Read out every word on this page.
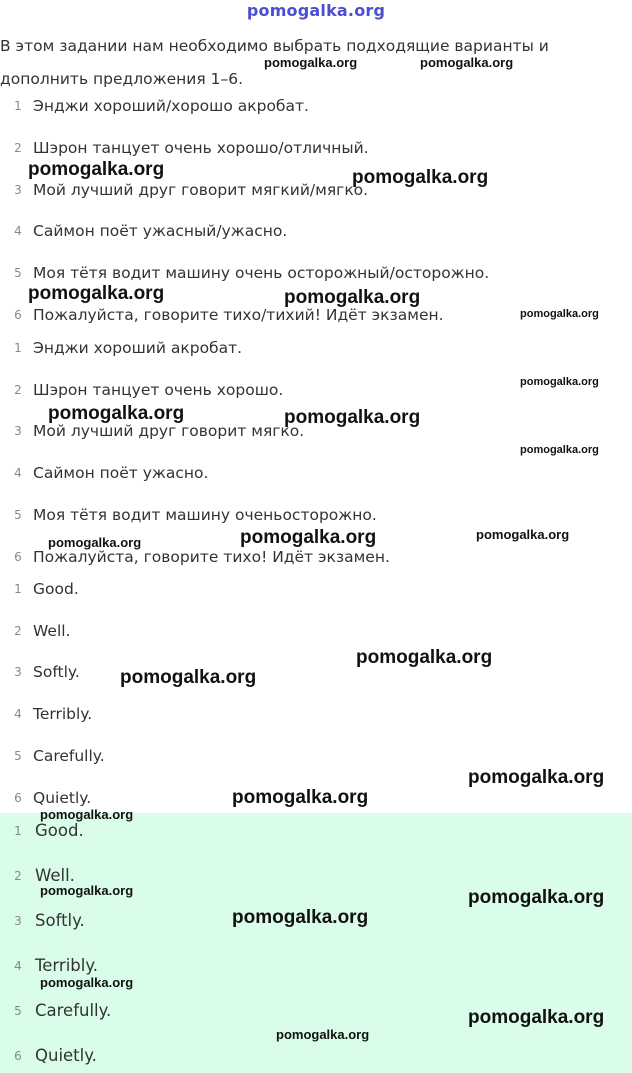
pomogalka.org
В этом задании нам необходимо выбрать подходящие варианты и дополнить предложения 1–6.
1 Энджи хороший/хорошо акробат.
2 Шэрон танцует очень хорошо/отличный.
3 Мой лучший друг говорит мягкий/мягко.
4 Саймон поёт ужасный/ужасно.
5 Моя тётя водит машину очень осторожный/осторожно.
6 Пожалуйста, говорите тихо/тихий! Идёт экзамен.
1 Энджи хороший акробат.
2 Шэрон танцует очень хорошо.
3 Мой лучший друг говорит мягко.
4 Саймон поёт ужасно.
5 Моя тётя водит машину оченьосторожно.
6 Пожалуйста, говорите тихо! Идёт экзамен.
1 Good.
2 Well.
3 Softly.
4 Terribly.
5 Carefully.
6 Quietly.
1 Good.
2 Well.
3 Softly.
4 Terribly.
5 Carefully.
6 Quietly.
pomogalka.org	pomogalka.org
pomogalka.org	pomogalka.org
pomogalka.org	pomogalka.org
pomogalka.org
pomogalka.org
pomogalka.org	pomogalka.org
pomogalka.org
pomogalka.org	pomogalka.org
pomogalka.org
pomogalka.org
pomogalka.org
pomogalka.org
pomogalka.org
pomogalka.org
pomogalka.org	pomogalka.org
pomogalka.org
pomogalka.org
pomogalka.org
pomogalka.org
